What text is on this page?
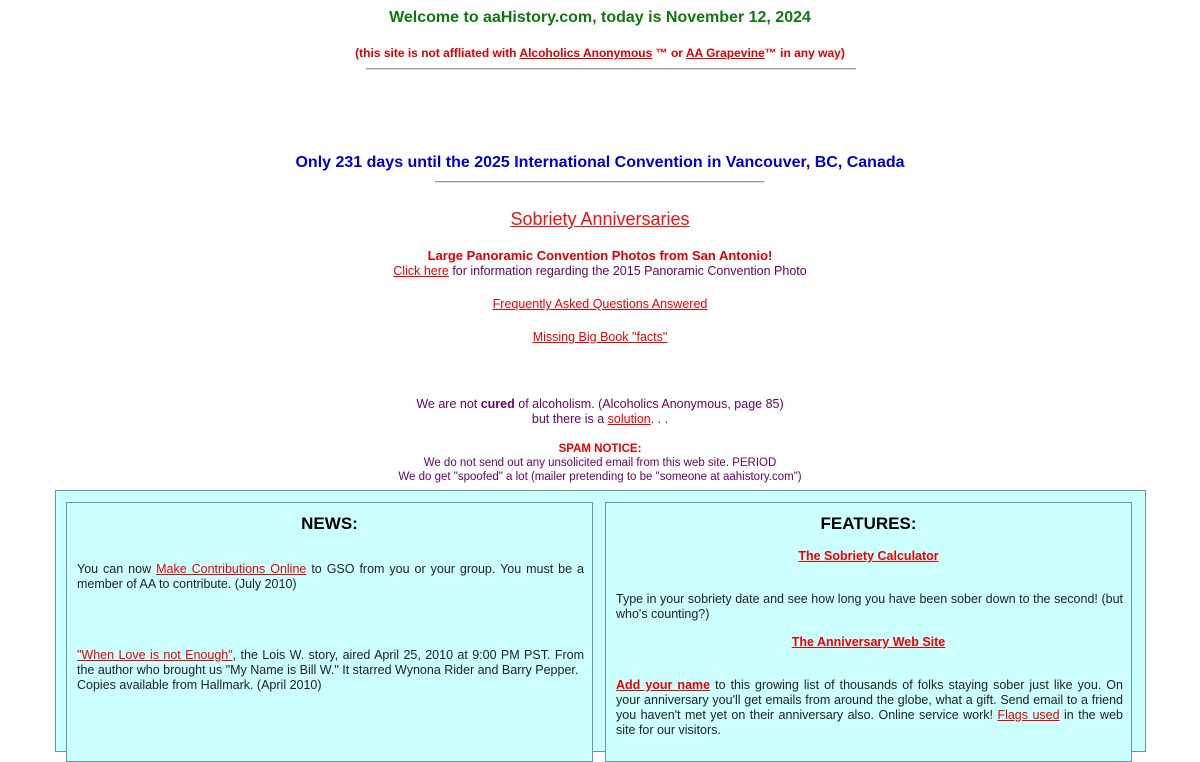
Welcome to aaHistory.com, today is November 12, 2024
(this site is not affliated with Alcoholics Anonymous ™ or AA Grapevine™ in any way)
Only 231 days until the 2025 International Convention in Vancouver, BC, Canada
Sobriety Anniversaries
Large Panoramic Convention Photos from San Antonio!
Click here for information regarding the 2015 Panoramic Convention Photo
Frequently Asked Questions Answered
Missing Big Book "facts"
We are not cured of alcoholism. (Alcoholics Anonymous, page 85)
but there is a solution. . .
SPAM NOTICE:
We do not send out any unsolicited email from this web site. PERIOD
We do get "spoofed" a lot (mailer pretending to be "someone at aahistory.com")
NEWS:
You can now Make Contributions Online to GSO from you or your group. You must be a member of AA to contribute. (July 2010)
"When Love is not Enough", the Lois W. story, aired April 25, 2010 at 9:00 PM PST. From the author who brought us "My Name is Bill W." It starred Wynona Rider and Barry Pepper.
Copies available from Hallmark. (April 2010)
FEATURES:
The Sobriety Calculator
Type in your sobriety date and see how long you have been sober down to the second! (but who's counting?)
The Anniversary Web Site
Add your name to this growing list of thousands of folks staying sober just like you. On your anniversary you'll get emails from around the globe, what a gift. Send email to a friend you haven't met yet on their anniversary also. Online service work! Flags used in the web site for our visitors.
